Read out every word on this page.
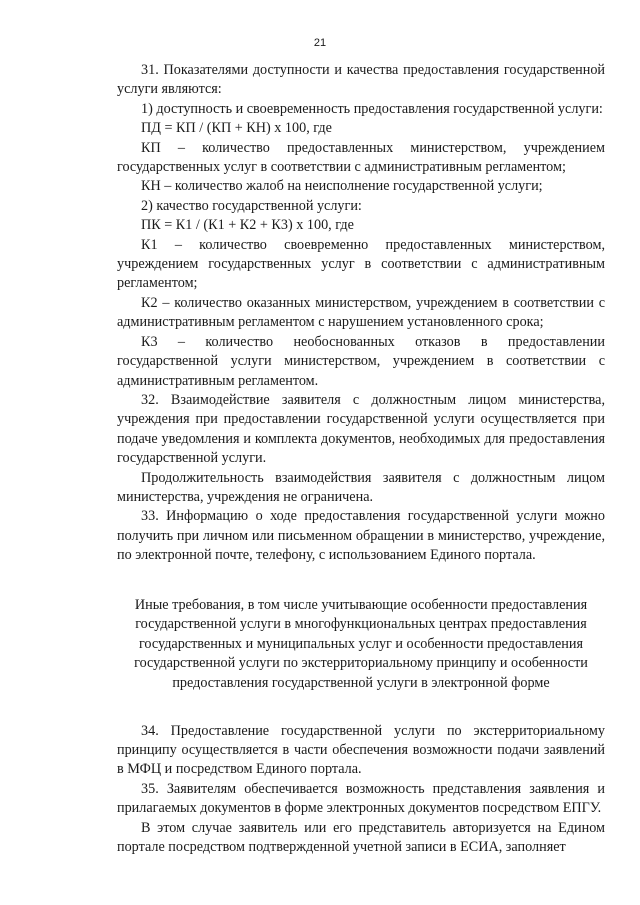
21

31. Показателями доступности и качества предоставления государственной услуги являются:

1) доступность и своевременность предоставления государственной услуги:

ПД = КП / (КП + КН) х 100, где

КП – количество предоставленных министерством, учреждением государственных услуг в соответствии с административным регламентом;

КН – количество жалоб на неисполнение государственной услуги;

2) качество государственной услуги:

ПК = К1 / (К1 + К2 + К3) х 100, где

К1 – количество своевременно предоставленных министерством, учреждением государственных услуг в соответствии с административным регламентом;

К2 – количество оказанных министерством, учреждением в соответствии с административным регламентом с нарушением установленного срока;

К3 – количество необоснованных отказов в предоставлении государственной услуги министерством, учреждением в соответствии с административным регламентом.

32. Взаимодействие заявителя с должностным лицом министерства, учреждения при предоставлении государственной услуги осуществляется при подаче уведомления и комплекта документов, необходимых для предоставления государственной услуги.

Продолжительность взаимодействия заявителя с должностным лицом министерства, учреждения не ограничена.

33. Информацию о ходе предоставления государственной услуги можно получить при личном или письменном обращении в министерство, учреждение, по электронной почте, телефону, с использованием Единого портала.

Иные требования, в том числе учитывающие особенности предоставления государственной услуги в многофункциональных центрах предоставления государственных и муниципальных услуг и особенности предоставления государственной услуги по экстерриториальному принципу и особенности предоставления государственной услуги в электронной форме

34. Предоставление государственной услуги по экстерриториальному принципу осуществляется в части обеспечения возможности подачи заявлений в МФЦ и посредством Единого портала.

35. Заявителям обеспечивается возможность представления заявления и прилагаемых документов в форме электронных документов посредством ЕПГУ.

В этом случае заявитель или его представитель авторизуется на Едином портале посредством подтвержденной учетной записи в ЕСИА, заполняет
